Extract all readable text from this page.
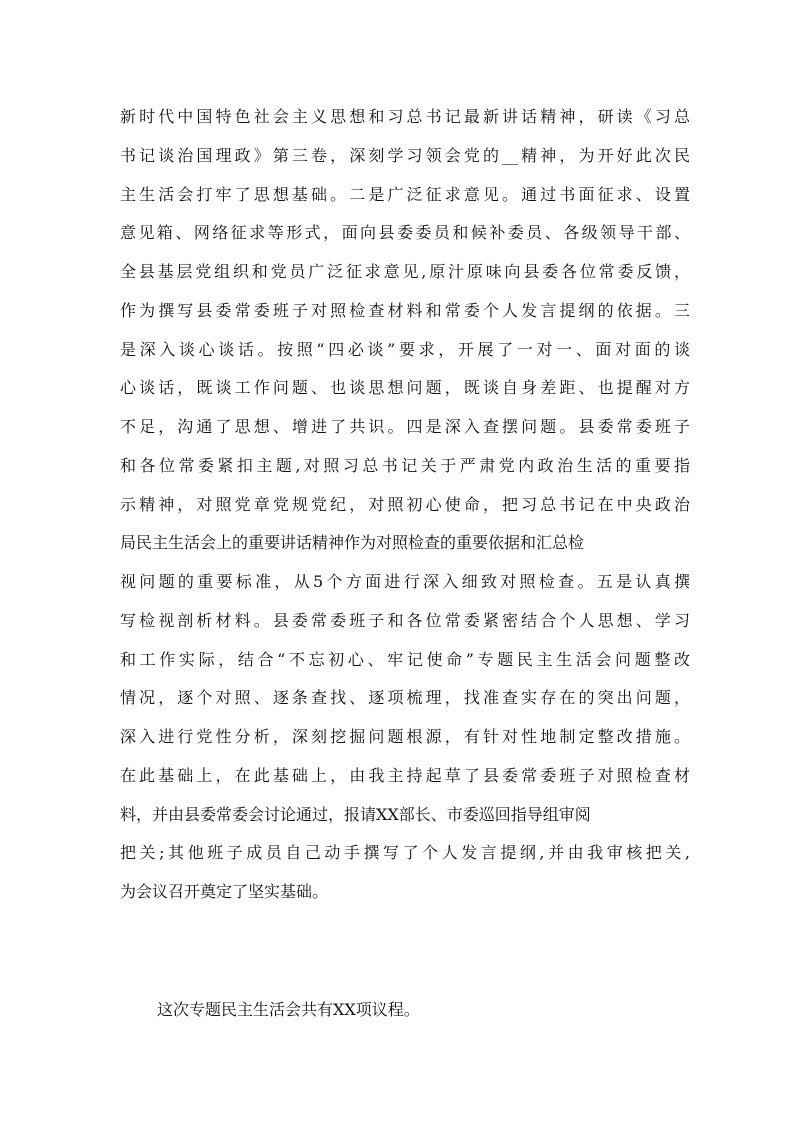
新时代中国特色社会主义思想和习总书记最新讲话精神，研读《习总
书记谈治国理政》第三卷，深刻学习领会党的__精神，为开好此次民
主生活会打牢了思想基础。二是广泛征求意见。通过书面征求、设置
意见箱、网络征求等形式，面向县委委员和候补委员、各级领导干部、
全县基层党组织和党员广泛征求意见,原汁原味向县委各位常委反馈，
作为撰写县委常委班子对照检查材料和常委个人发言提纲的依据。三
是深入谈心谈话。按照“四必谈”要求，开展了一对一、面对面的谈
心谈话，既谈工作问题、也谈思想问题，既谈自身差距、也提醒对方
不足，沟通了思想、增进了共识。四是深入查摆问题。县委常委班子
和各位常委紧扣主题,对照习总书记关于严肃党内政治生活的重要指
示精神，对照党章党规党纪，对照初心使命，把习总书记在中央政治
局民主生活会上的重要讲话精神作为对照检查的重要依据和汇总检
视问题的重要标准，从5个方面进行深入细致对照检查。五是认真撰
写检视剖析材料。县委常委班子和各位常委紧密结合个人思想、学习
和工作实际，结合“不忘初心、牢记使命”专题民主生活会问题整改
情况，逐个对照、逐条查找、逐项梳理，找准查实存在的突出问题，
深入进行党性分析，深刻挖掘问题根源，有针对性地制定整改措施。
在此基础上，在此基础上，由我主持起草了县委常委班子对照检查材
料，并由县委常委会讨论通过，报请XX部长、市委巡回指导组审阅
把关;其他班子成员自己动手撰写了个人发言提纲,并由我审核把关,
为会议召开奠定了坚实基础。

这次专题民主生活会共有XX项议程。
